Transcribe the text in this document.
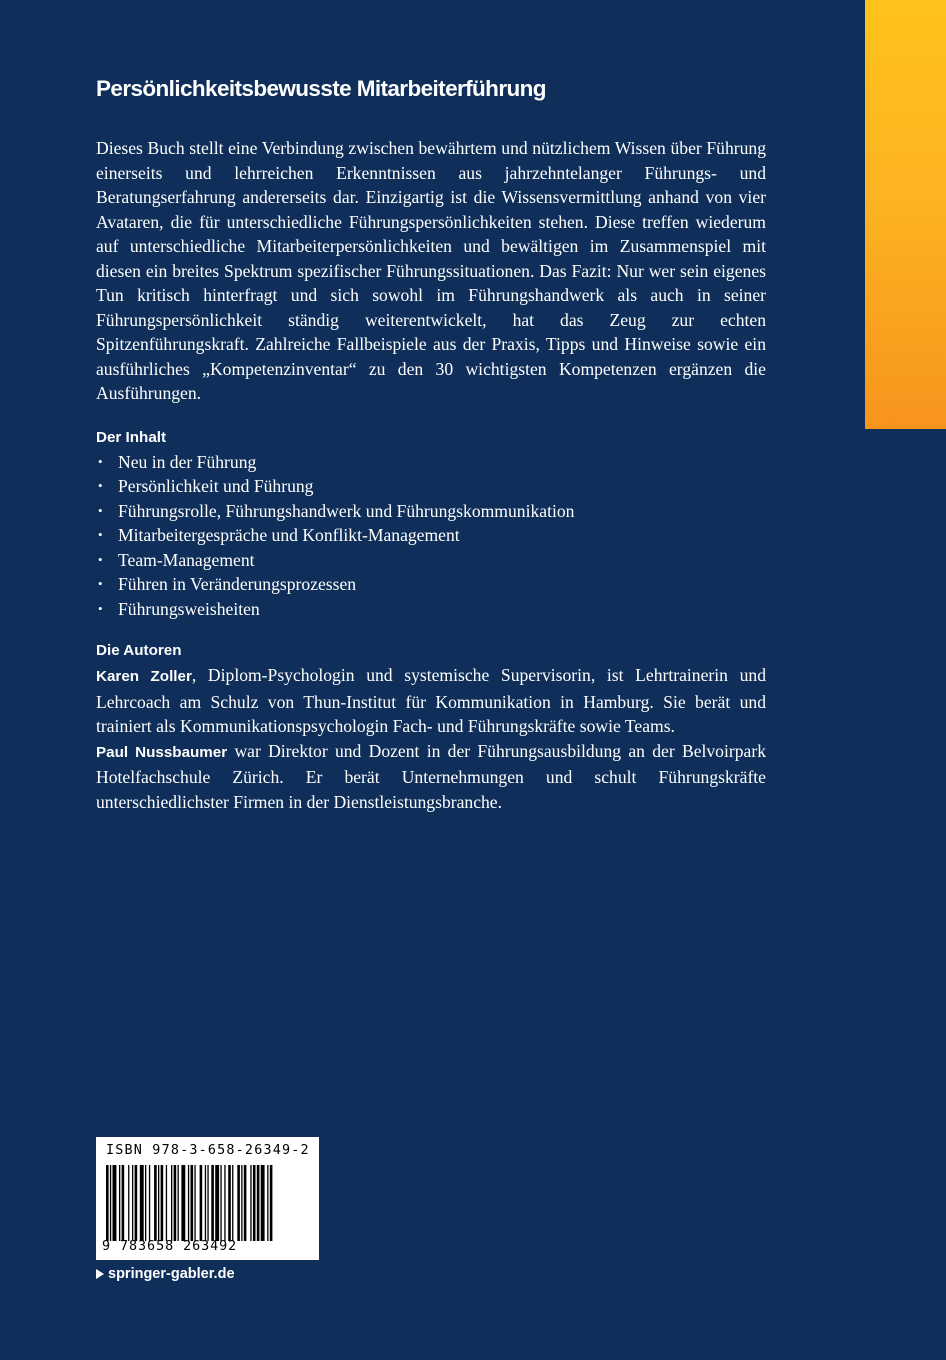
Persönlichkeitsbewusste Mitarbeiterführung

Dieses Buch stellt eine Verbindung zwischen bewährtem und nützlichem Wissen über Führung einerseits und lehrreichen Erkenntnissen aus jahrzehntelanger Führungs- und Beratungserfahrung andererseits dar. Einzigartig ist die Wissensvermittlung anhand von vier Avataren, die für unterschiedliche Führungspersönlichkeiten stehen. Diese treffen wiederum auf unterschiedliche Mitarbeiterpersönlichkeiten und bewältigen im Zusammenspiel mit diesen ein breites Spektrum spezifischer Führungssituationen. Das Fazit: Nur wer sein eigenes Tun kritisch hinterfragt und sich sowohl im Führungshandwerk als auch in seiner Führungspersönlichkeit ständig weiterentwickelt, hat das Zeug zur echten Spitzenführungskraft. Zahlreiche Fallbeispiele aus der Praxis, Tipps und Hinweise sowie ein ausführliches „Kompetenzinventar“ zu den 30 wichtigsten Kompetenzen ergänzen die Ausführungen.

Der Inhalt
• Neu in der Führung
• Persönlichkeit und Führung
• Führungsrolle, Führungshandwerk und Führungskommunikation
• Mitarbeitergespräche und Konflikt-Management
• Team-Management
• Führen in Veränderungsprozessen
• Führungsweisheiten
Die Autoren

Karen Zoller, Diplom-Psychologin und systemische Supervisorin, ist Lehrtrainerin und Lehrcoach am Schulz von Thun-Institut für Kommunikation in Hamburg. Sie berät und trainiert als Kommunikationspsychologin Fach- und Führungskräfte sowie Teams.

Paul Nussbaumer war Direktor und Dozent in der Führungsausbildung an der Belvoirpark Hotelfachschule Zürich. Er berät Unternehmungen und schult Führungskräfte unterschiedlichster Firmen in der Dienstleistungsbranche.

ISBN 978-3-658-26349-2
9 783658 263492
springer-gabler.de
